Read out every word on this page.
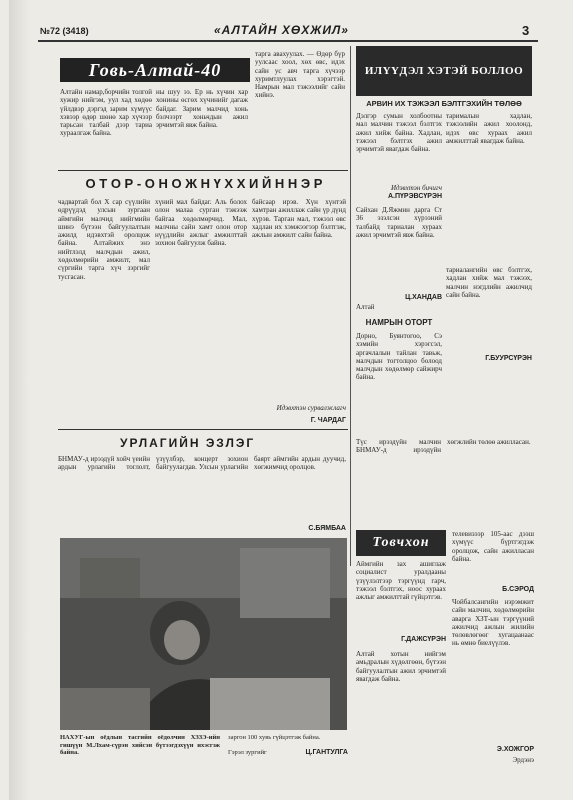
№72 (3418)	«АЛТАЙН ХӨХЖИЛ»	3
Говь-Алтай-40
Алтайн намар,борчийн толгой хужир нийгэм, уул хад хөдөө үйлдвэр дэргэд зарим хүмүүс хэвээр өдөр шөнө хар хүчээр тарьсан талбай дээр тариа хураалгаж байна.
ны шуу ээ. Ер нь хүчин хар хонины өсгөх хүчинийг дагаж байдаг. Зарим малчид хонь бэлчээрт хоньчдын ажил эрчимтэй явж байна.
тарга авахуулах. — Өдөр бүр уулсаас хоол, хөх өвс, идэх сайн ус авч тарга хүчээр хуримтлуулах хэрэгтэй. Намрын мал тэжээлийг сайн хийнэ.
О Т О Р - О Н О Ж Н Ү Х Х И Й Н Н Э Р
чадвартай бол Х сар сүүлийн өдрүүдэд улсын зургаан аймгийн малчид нийгмийн шинэ бүтээн байгуулалтын ажилд идэвхтэй оролцож байна. Алтайжих энэ нийтлэлд малчдын ажил, хөдөлмөрийн амжилт, мал сүргийн тарга хүч зэргийг тусгасан.
хүний мал байдаг. Аль болох олон малаа сурган тэжээж байгаа хөдөлмөрчид. Мал, малчны сайн хамт олон отор нүүдлийн ажлыг амжилттай зохион байгуулж байна.
байсаар ирэв. Хүн хүнтэй хамтран ажиллаж сайн үр дүнд хүрэв. Тарган мал, тэжээл өвс хадлан их хэмжээгээр бэлтгэж, ажлын амжилт сайн байна.
Идэвхтэн сурвалжлагч
Г. ЧАРДАГ
УРЛАГИЙН ЭЗЛЭГ
БНМАУ-д ирээдүй хойч үеийн ардын урлагийн тоглолт, үзүүлбэр, концерт зохион байгуулагдав. Улсын урлагийн баярт аймгийн ардын дуучид, хөгжимчид оролцов.
С.БЯМБАА
НАХУГ-ын оёдлын тасгийн оёдолчин ХЗЗЭ-ийн гишүүн М.Лхам-сүрэн хийсэн бүтээгдэхүүн ихэсгэж байна.
заргон 100 хувь гүйцэтгэж байна.
Гэрэл зургийг	Ц.ГАНТУЛГА
ИЛҮҮДЭЛ ХЭТЭЙ БОЛЛОО
АРВИН ИХ ТЭЖЭЭЛ БЭЛТГЭХИЙН ТӨЛӨӨ
Дэлгэр сумын холбоотны мал малчин тэжээл бэлтгэх ажил хийж байна. Хадлан, тэжээл бэлтгэх ажил эрчимтэй явагдаж байна.
тарималын хадлан, тэжээлийн ажил хоолонд, идэх өвс хураах ажил амжилттай явагдаж байна.
Идэвхтэн бичигч
А.ПҮРЭВСҮРЭН
Сайхан Д.Яжмин дарга Ст 36 эзэлсэн хүрээний талбайд тариалан хураах ажил эрчимтэй явж байна.
Ц.ХАНДАВ
Алтай
НАМРЫН ОТОРТ
Дорно, Буянтогоо, Сэ хэмийн хэрэгсэл, аргачлалын тайлан тавьж, малчдын тогтолцоо болоод малчдын хөдөлмөр сайжирч байна.
тариалангийн өвс бэлтгэх, хадлан хийж мал тэжээх, малчин нэгдлийн ажилчид сайн байна.
Г.БУУРСҮРЭН
Түс ирээдүйн малчин БНМАУ-д ирээдүйн хөгжлийн төлөө ажилласан.
Товчхон
Аймгийн зах ашиглаж социалист уралдааны үзүүлэлтээр тэргүүнд гарч, тэжээл бэлтгэх, ноос хураах ажлыг амжилттай гүйцэтгэв.
Г.ДАЖСҮРЭН
Алтай хотын нийгэм амьдралын хүдөлгөөн, бүтээн байгуулалтын ажил эрчимтэй явагдаж байна.
телевизээр 105-аас дээш хүмүүс бүртгэгдэж оролцож, сайн ажилласан байна.
Б.СЭРОД
Чойбалсангийн нэрэмжит сайн малчин, хөдөлмөрийн аварга ХЗТ-ын тэргүүний ажилчид ажлын жилийн төлөвлөгөөг хугацаанаас нь өмнө биелүүлэв.
Э.ХОЖГОР
Эрдэнэ
